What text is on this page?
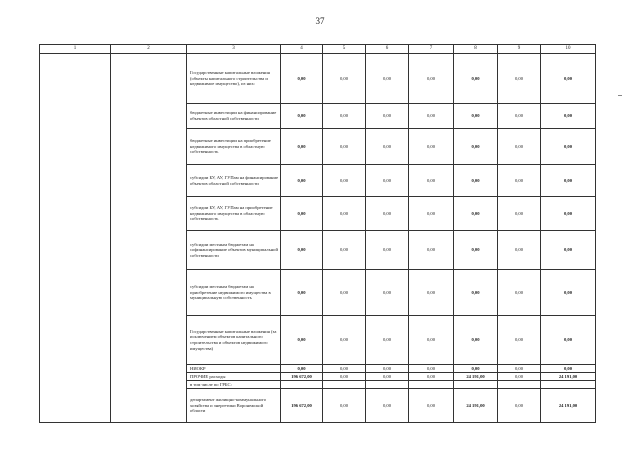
37
1	2	3	4	5	6	7	8	9	10
		Государственные капитальные вложения (объекты капитального строительства и недвижимое имущество), из них:	0,00	0,00	0,00	0,00	0,00	0,00	0,00
		бюджетные инвестиции на финансирование объектов областной собственности	0,00	0,00	0,00	0,00	0,00	0,00	0,00
		бюджетные инвестиции на приобретение недвижимого имущества в областную собственность	0,00	0,00	0,00	0,00	0,00	0,00	0,00
		субсидии БУ, АУ, ГУПам на финансирование объектов областной собственности	0,00	0,00	0,00	0,00	0,00	0,00	0,00
		субсидии БУ, АУ, ГУПам на приобретение недвижимого имущества в областную собственность	0,00	0,00	0,00	0,00	0,00	0,00	0,00
		субсидии местным бюджетам на софинансирование объектов муниципальной собственности	0,00	0,00	0,00	0,00	0,00	0,00	0,00
		субсидии местным бюджетам на приобретение недвижимого имущества в муниципальную собственность	0,00	0,00	0,00	0,00	0,00	0,00	0,00
		Государственные капитальные вложения (за исключением объектов капитального строительства и объектов недвижимого имущества)	0,00	0,00	0,00	0,00	0,00	0,00	0,00
		НИОКР	0,00	0,00	0,00	0,00	0,00	0,00	0,00
		ПРОЧИЕ расходы	196 672,00	0,00	0,00	0,00	24 191,00	0,00	24 191,00
		в том числе по ГРБС:							
		департамент жилищно-коммунального хозяйства и энергетики Воронежской области	196 672,00	0,00	0,00	0,00	24 191,00	0,00	24 191,00
